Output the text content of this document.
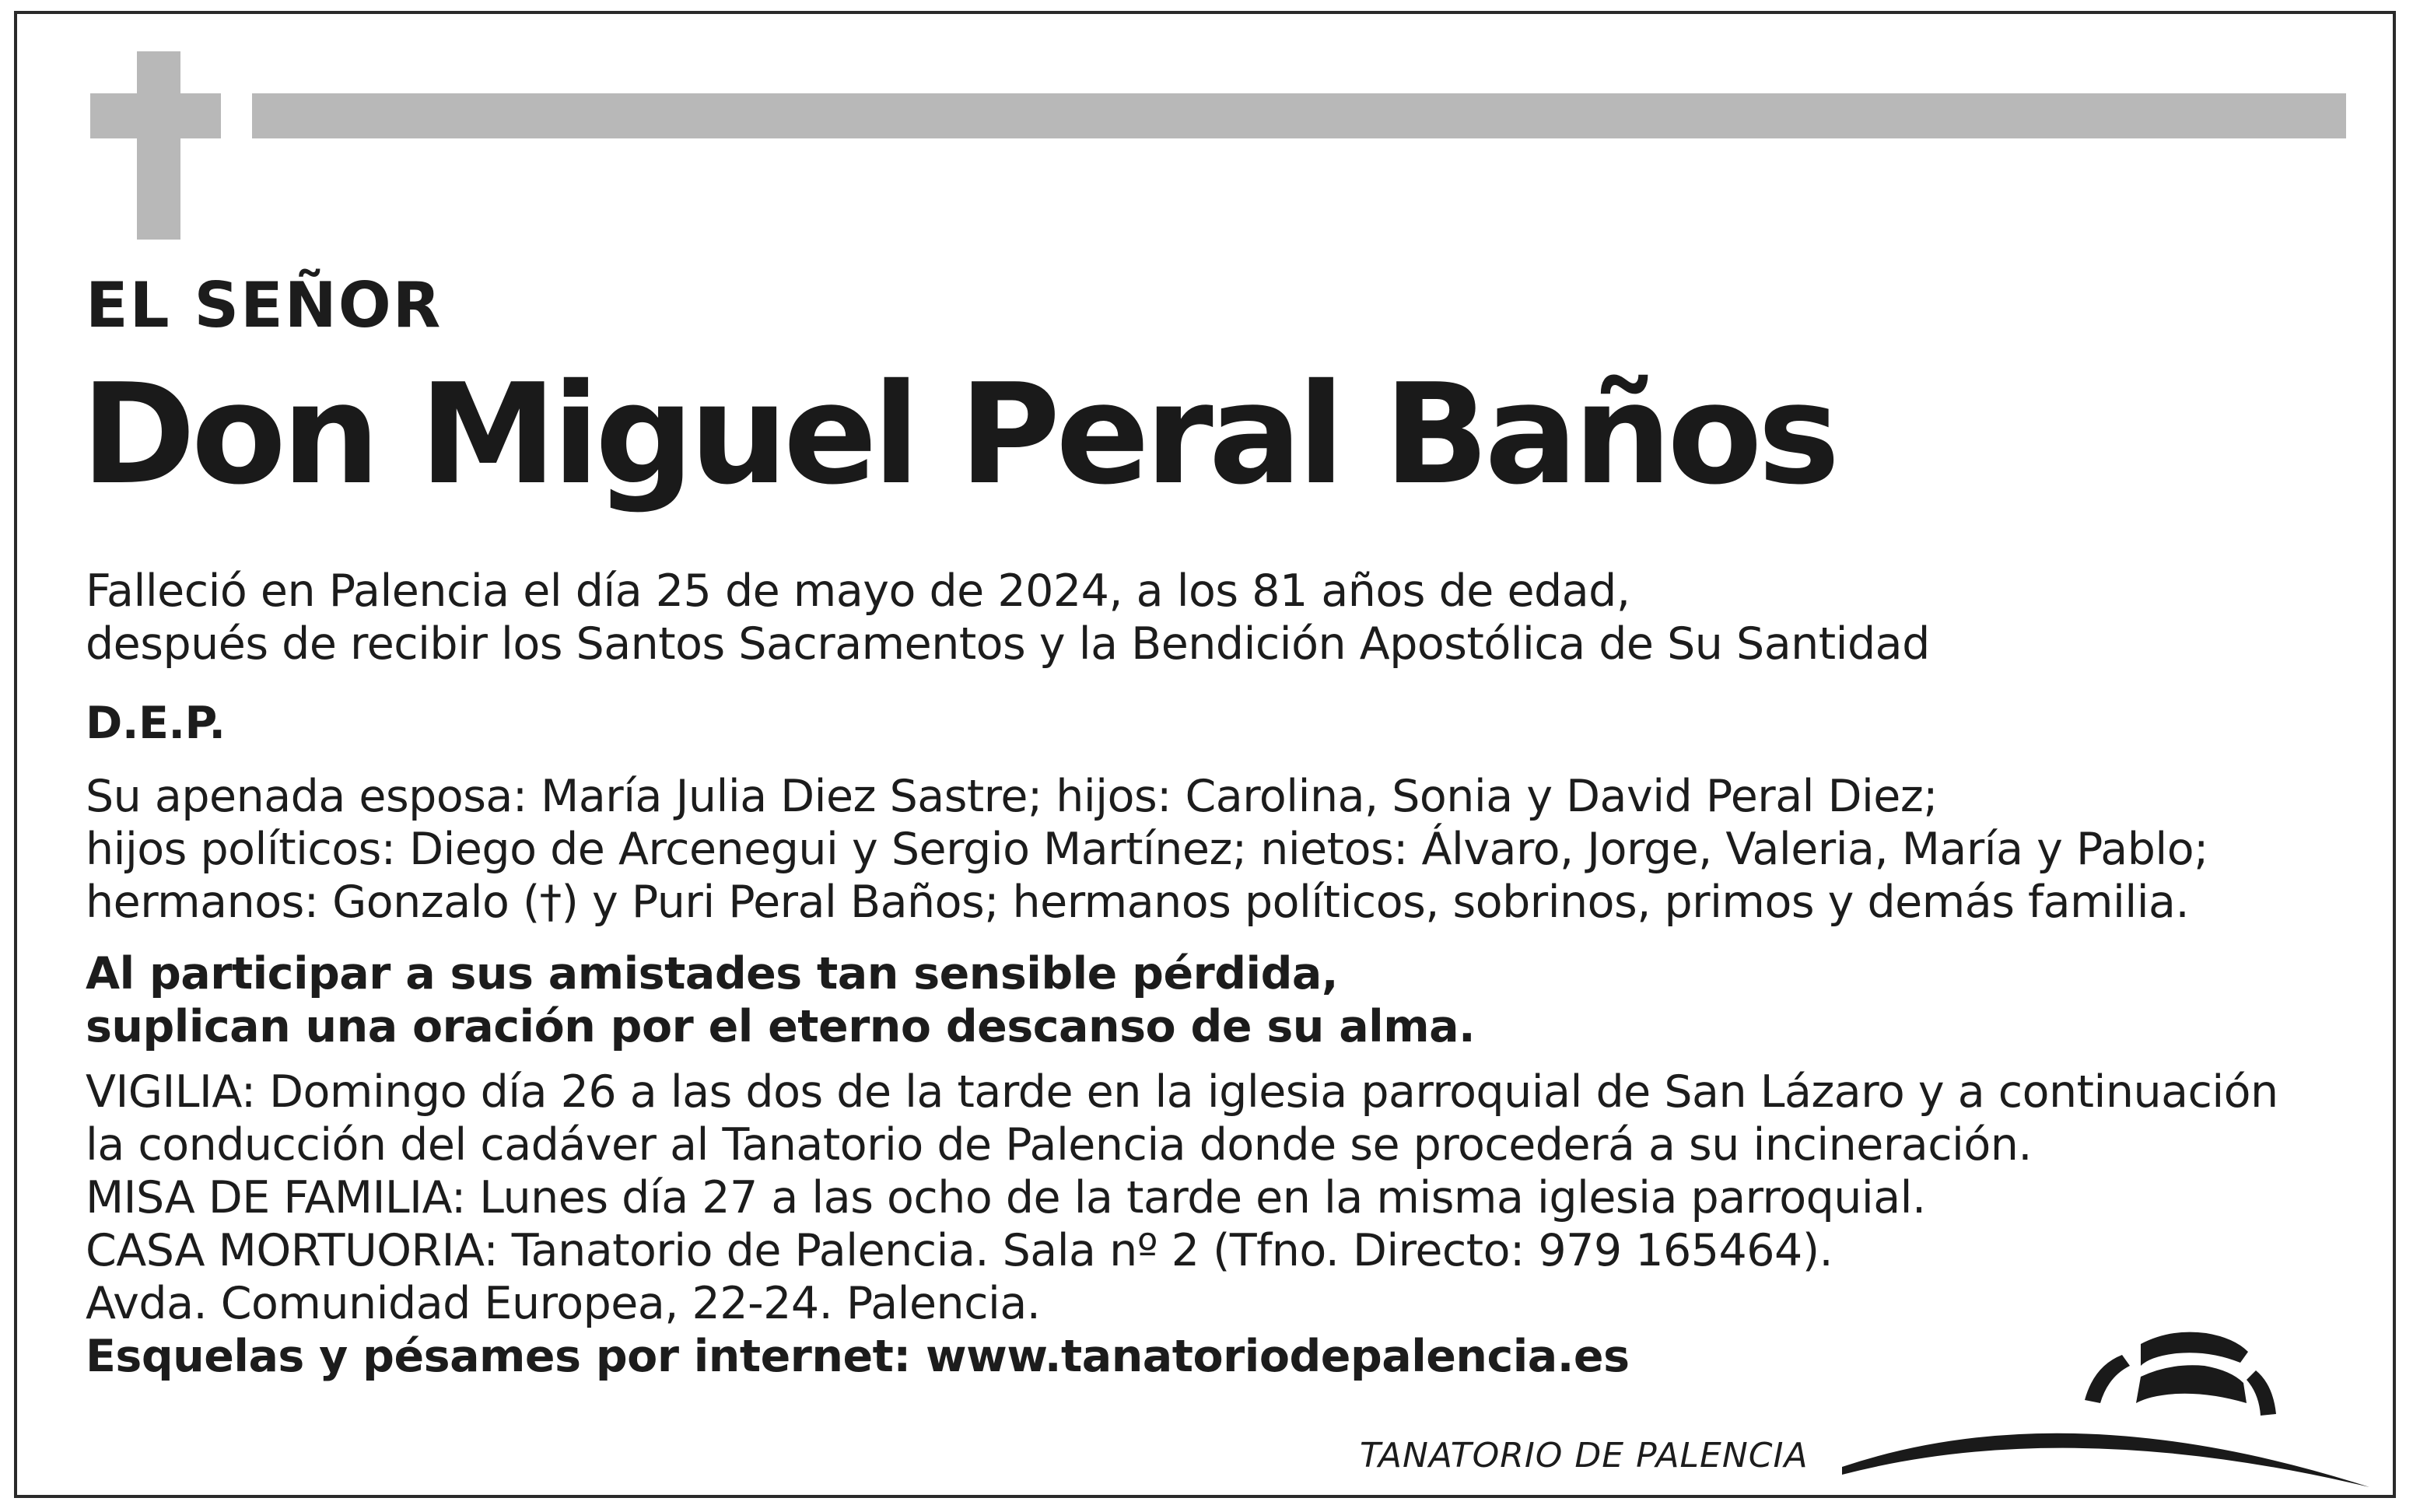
EL SEÑOR
Don Miguel Peral Baños
Falleció en Palencia el día 25 de mayo de 2024, a los 81 años de edad,
después de recibir los Santos Sacramentos y la Bendición Apostólica de Su Santidad
D.E.P.
Su apenada esposa: María Julia Diez Sastre; hijos: Carolina, Sonia y David Peral Diez;
hijos políticos: Diego de Arcenegui y Sergio Martínez; nietos: Álvaro, Jorge, Valeria, María y Pablo;
hermanos: Gonzalo (†) y Puri Peral Baños; hermanos políticos, sobrinos, primos y demás familia.
Al participar a sus amistades tan sensible pérdida,
suplican una oración por el eterno descanso de su alma.
VIGILIA: Domingo día 26 a las dos de la tarde en la iglesia parroquial de San Lázaro y a continuación
la conducción del cadáver al Tanatorio de Palencia donde se procederá a su incineración.
MISA DE FAMILIA: Lunes día 27 a las ocho de la tarde en la misma iglesia parroquial.
CASA MORTUORIA: Tanatorio de Palencia. Sala nº 2 (Tfno. Directo: 979 165464).
Avda. Comunidad Europea, 22-24. Palencia.
Esquelas y pésames por internet: www.tanatoriodepalencia.es
TANATORIO DE PALENCIA
